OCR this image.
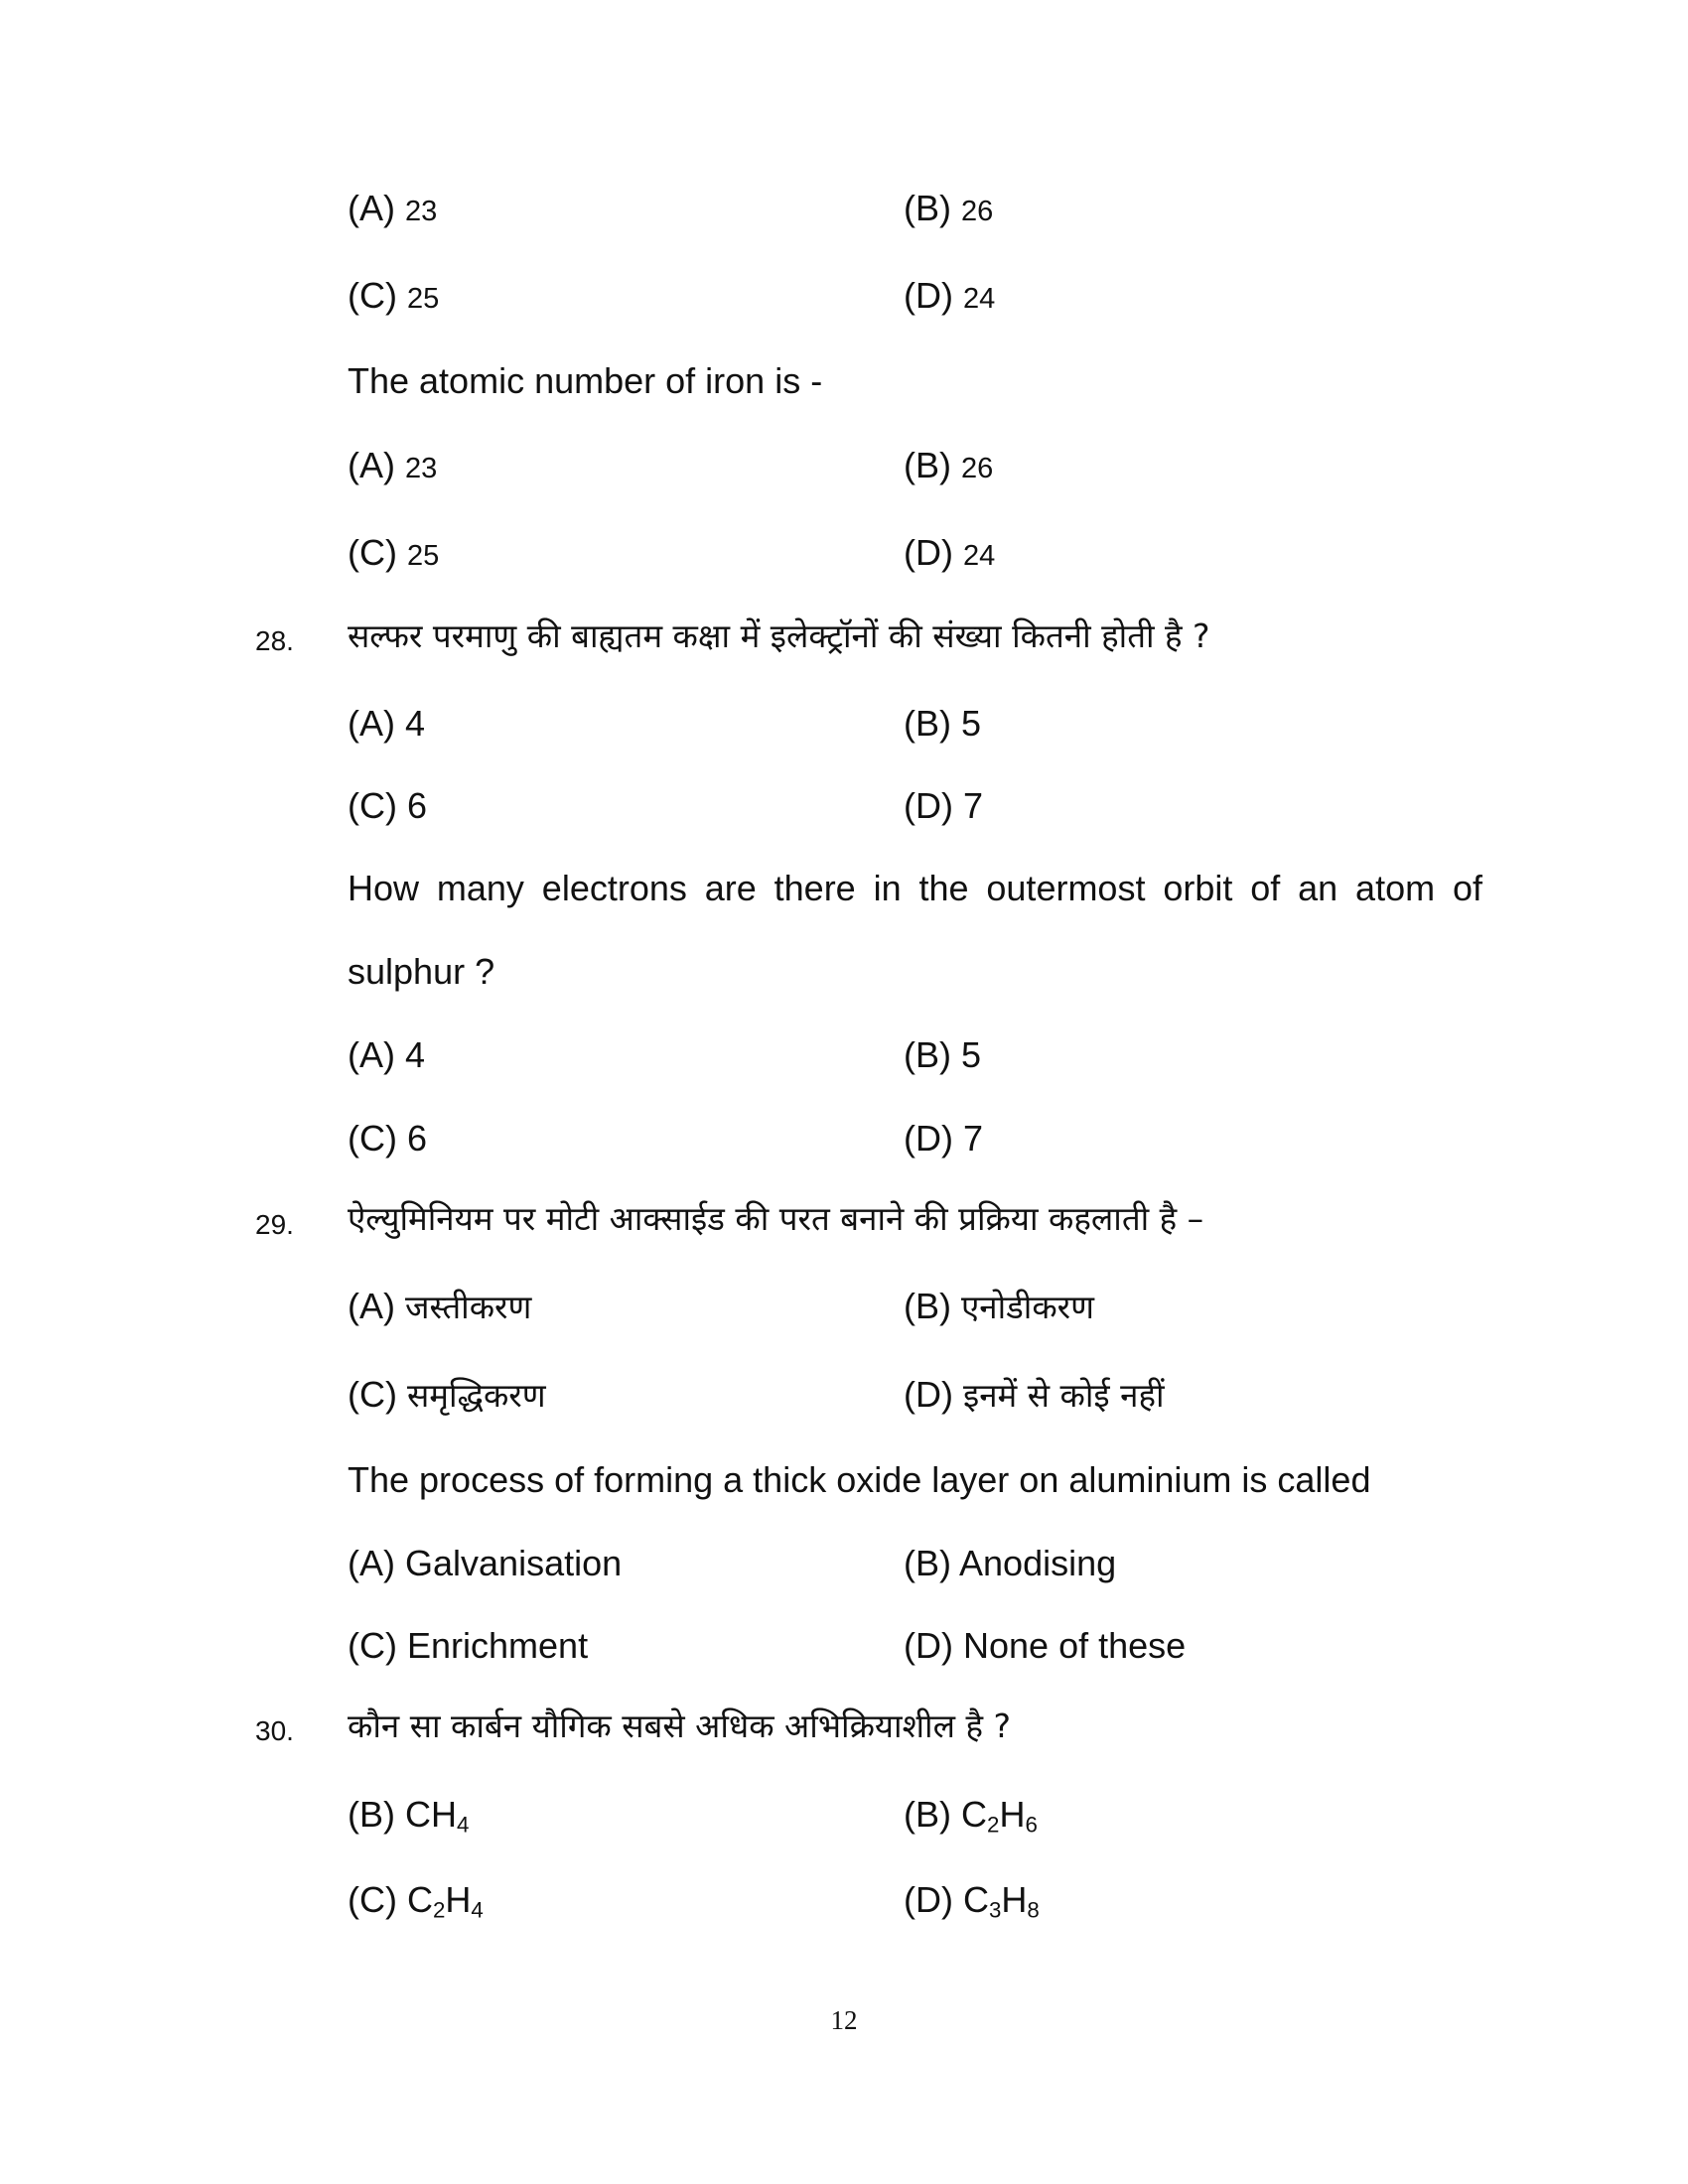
(A) 23	(B) 26
(C) 25	(D) 24
The atomic number of iron is -
(A) 23	(B) 26
(C) 25	(D) 24
28. सल्फर परमाणु की बाह्यतम कक्षा में इलेक्ट्रॉनों की संख्या कितनी होती है ?
(A) 4	(B) 5
(C) 6	(D) 7
How many electrons are there in the outermost orbit of an atom of
sulphur ?
(A) 4	(B) 5
(C) 6	(D) 7
29. ऐल्युमिनियम पर मोटी आक्साईड की परत बनाने की प्रक्रिया कहलाती है –
(A) जस्तीकरण	(B) एनोडीकरण
(C) समृद्धिकरण	(D) इनमें से कोई नहीं
The process of forming a thick oxide layer on aluminium is called
(A) Galvanisation	(B) Anodising
(C) Enrichment	(D) None of these
30. कौन सा कार्बन यौगिक सबसे अधिक अभिक्रियाशील है ?
(B) $CH_4$	(B) $C_2H_6$
(C) $C_2H_4$	(D) $C_3H_8$
12
